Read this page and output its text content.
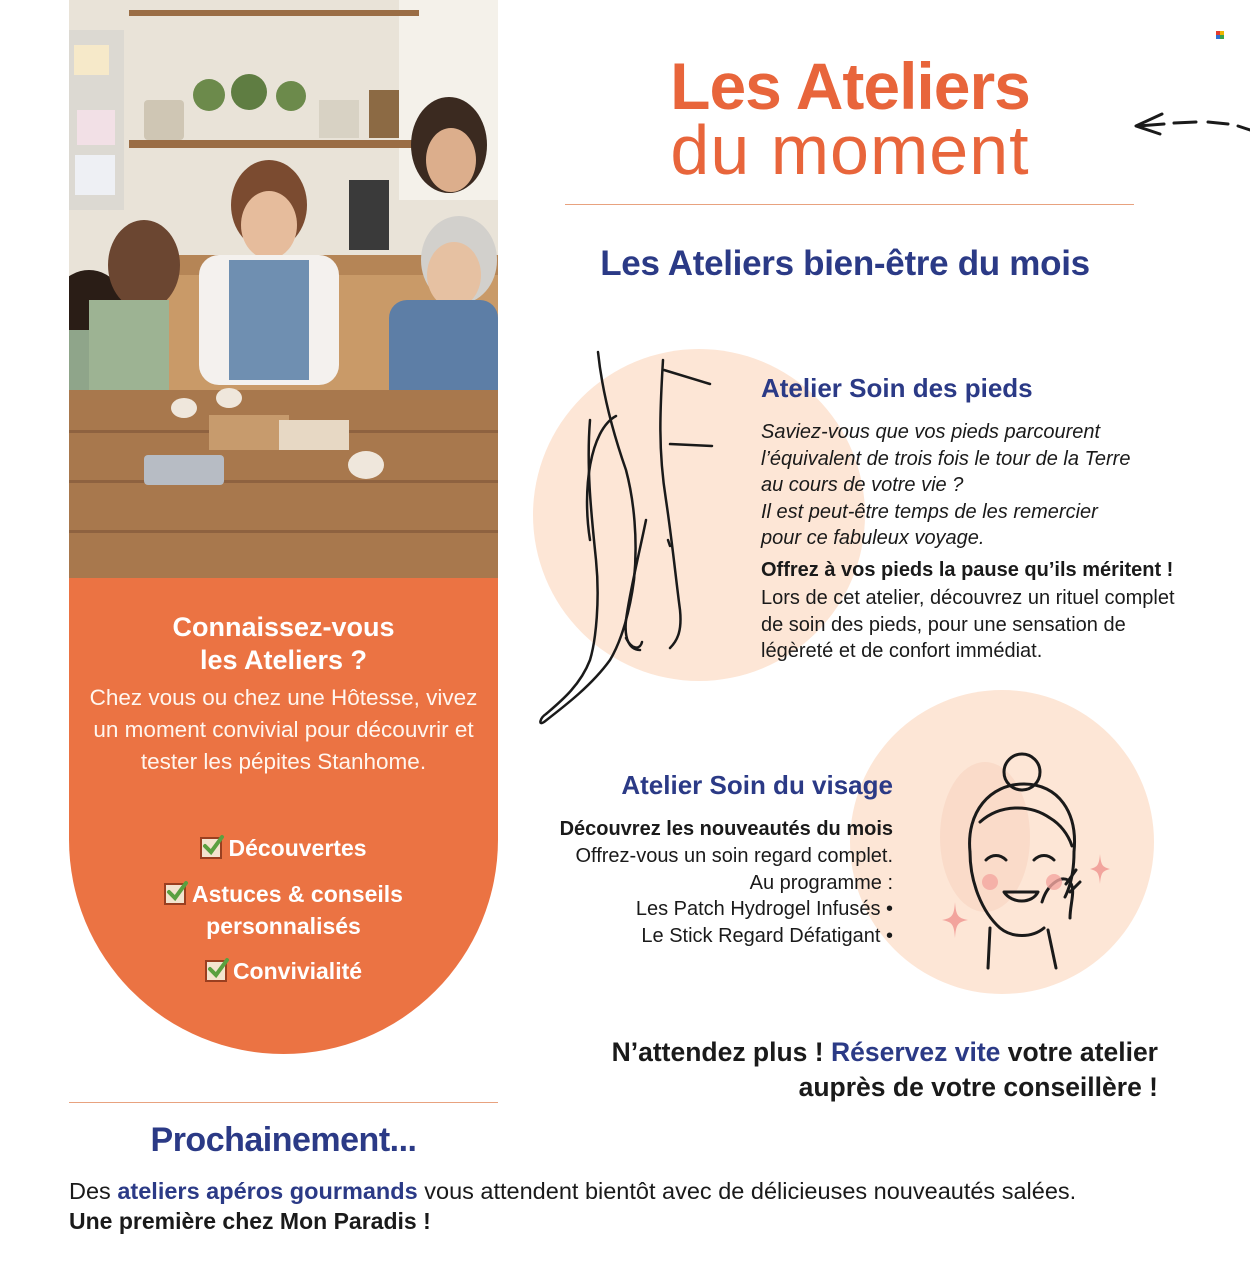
Connaissez-vous
les Ateliers ?
Chez vous ou chez une Hôtesse, vivez un moment convivial pour découvrir et tester les pépites Stanhome.
Découvertes
Astuces & conseils
personnalisés
Convivialité
Prochainement...
Des ateliers apéros gourmands vous attendent bientôt avec de délicieuses nouveautés salées.
Une première chez Mon Paradis !
Les Ateliers
du moment
Les Ateliers bien-être du mois
Atelier Soin des pieds
Saviez-vous que vos pieds parcourent
l’équivalent de trois fois le tour de la Terre
au cours de votre vie ?
Il est peut-être temps de les remercier
pour ce fabuleux voyage.
Offrez à vos pieds la pause qu’ils méritent !
Lors de cet atelier, découvrez un rituel complet
de soin des pieds, pour une sensation de
légèreté et de confort immédiat.
Atelier Soin du visage
Découvrez les nouveautés du mois
Offrez-vous un soin regard complet.
Au programme :
Les Patch Hydrogel Infusés •
Le Stick Regard Défatigant •
N’attendez plus ! Réservez vite votre atelier
auprès de votre conseillère !
